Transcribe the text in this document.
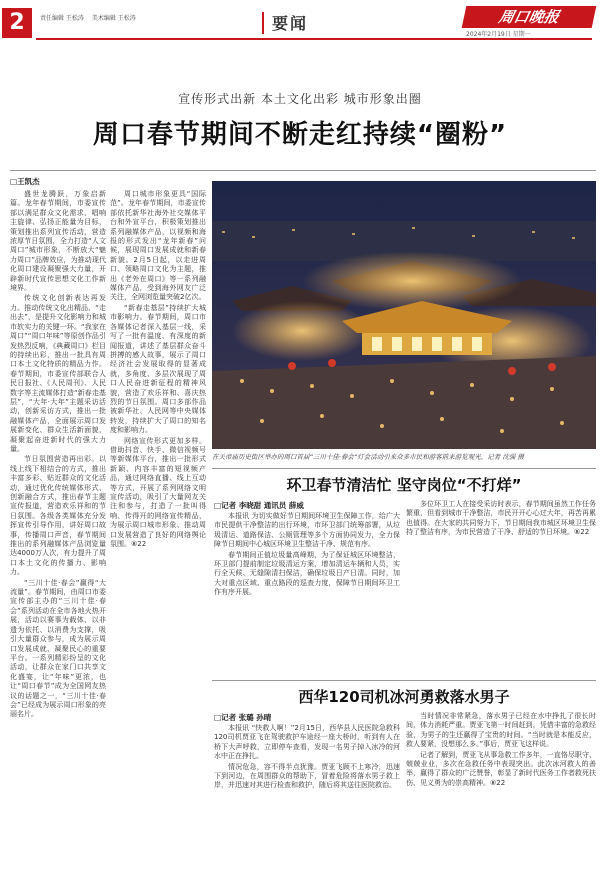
2	责任编辑 王松涛 美术编辑 王松涛	要闻	周口晚报
2024年2月19日 星期一
宣传形式出新 本土文化出彩 城市形象出圈
周口春节期间不断走红持续“圈粉”
□王凯杰

盛世龙腾跃，万象启新篇。龙年春节期间，市委宣传部以满足群众文化需求、唱响主旋律、弘扬正能量为目标，策划推出系列宣传活动，营造浓厚节日氛围，全力打造“人文周口”城市形象，不断放大“魅力周口”品牌效应，为推动现代化周口建设凝聚强大力量，开辟新时代宣传思想文化工作新境界。

传统文化创新表达再发力。推动传统文化出精品、“走出去”，是提升文化影响力和城市软实力的关键一环。“我家在周口”“周口年味”等原创作品引发热烈反响，《典藏周口》栏目的持续出彩，推出一批具有周口本土文化特质的精品力作。春节期间，市委宣传部联合人民日报社、《人民周刊》、人民数字等主流媒体打造“新春走基层”，“大年·大年”主题采访活动，创新采访方式，推出一批融媒体产品，全面展示周口发展新变化、群众生活新面貌，凝聚起奋进新时代的强大力量。

节日氛围营造再出彩。以线上线下相结合的方式，推出丰富多彩、贴近群众的文化活动，通过优化传统媒体形式、创新融合方式，推出春节主题宣传报道，营造欢乐祥和的节日氛围。各级各类媒体充分发挥宣传引导作用，讲好周口故事，传播周口声音，春节期间推出的系列融媒体产品浏览量达4000万人次，有力提升了周口本土文化的传播力、影响力。

“三川十佳·春会”赢得“大流量”。春节期间，由周口市委宣传部主办的“三川十佳·春会”系列活动在全市各地火热开展，活动以赛事为载体、以非遗为依托、以消费为支撑，吸引大量群众参与，成为展示周口发展成就、凝聚民心的重要平台。一系列精彩纷呈的文化活动，让群众在家门口共享文化盛宴，让“年味”更浓，也让“周口春节”成为全国网友热议的话题之一，“三川十佳·春会”已经成为展示周口形象的亮丽名片。

周口城市形象更具“国际范”。龙年春节期间，市委宣传部依托新华社海外社交媒体平台和外宣平台，积极策划推出系列融媒体产品，以视频和海报的形式发出“龙年新春”问候，展现周口发展成就和新春新貌。2月5日起，以走进周口、领略周口文化为主题，推出《老外在周口》等一系列融媒体产品，受到海外网友广泛关注，全网浏览量突破2亿次。

“新春走基层”持续扩大城市影响力。春节期间，周口市各媒体记者深入基层一线，采写了一批有温度、有深度的新闻报道，讲述了基层群众奋斗拼搏的感人故事，展示了周口经济社会发展取得的显著成就，多角度、多层次展现了周口人民奋进新征程的精神风貌，营造了欢乐祥和、喜庆热烈的节日氛围。周口多部作品被新华社、人民网等中央媒体转发，持续扩大了周口的知名度和影响力。

网络宣传形式更加多样。借助抖音、快手、微信视频号等新媒体平台，推出一批形式新颖、内容丰富的短视频产品，通过网络直播、线上互动等方式，开展了系列网络文明宣传活动，吸引了大量网友关注和参与，打造了一批叫得响、传得开的网络宣传精品，为展示周口城市形象、推动周口发展营造了良好的网络舆论氛围。⑧22

在关帝庙历史街区举办的周口首届“三川十佳·春会”灯会活动引来众多市民和游客前来游览观光。记者 沈强 摄
环卫春节清洁忙 坚守岗位“不打烊”
□记者 李晓甜 通讯员 薛威

本报讯 为切实做好节日期间环境卫生保障工作，给广大市民提供干净整洁的出行环境，市环卫部门统筹部署，从垃圾清运、道路保洁、公厕管理等多个方面协同发力，全力保障节日期间中心城区环境卫生整洁干净、规范有序。

春节期间正值垃圾量高峰期，为了保证城区环境整洁，环卫部门提前制定垃圾清运方案，增加清运车辆和人员，实行全天候、无缝隙清扫保洁，确保垃圾日产日清。同时，加大对重点区域、重点路段的巡查力度，保障节日期间环卫工作有序开展。

多位环卫工人在接受采访时表示，春节期间虽然工作任务繁重，但看到城市干净整洁，市民开开心心过大年，再苦再累也值得。在大家的共同努力下，节日期间我市城区环境卫生保持了整洁有序，为市民营造了干净、舒适的节日环境。⑧22

西华120司机冰河勇救落水男子
□记者 张璐 孙晴

本报讯 “快救人啊！”2月15日，西华县人民医院急救科120司机贾亚飞在驾驶救护车途经一座大桥时，听到有人在桥下大声呼救，立即停车查看，发现一名男子掉入冰冷的河水中正在挣扎。

情况危急，容不得半点犹豫。贾亚飞顾不上寒冷，迅速下到河边，在周围群众的帮助下，冒着危险将落水男子救上岸，并迅速对其进行检查和救护，随后将其送往医院救治。

当时情况非常紧急，落水男子已经在水中挣扎了很长时间，体力消耗严重。贾亚飞第一时间赶到，凭借丰富的急救经验，为男子的生还赢得了宝贵的时间。“当时就是本能反应，救人要紧，没想那么多。”事后，贾亚飞这样说。

记者了解到，贾亚飞从事急救工作多年，一直恪尽职守、兢兢业业，多次在急救任务中表现突出。此次冰河救人的善举，赢得了群众的广泛赞誉，彰显了新时代医务工作者救死扶伤、见义勇为的崇高精神。⑧22
